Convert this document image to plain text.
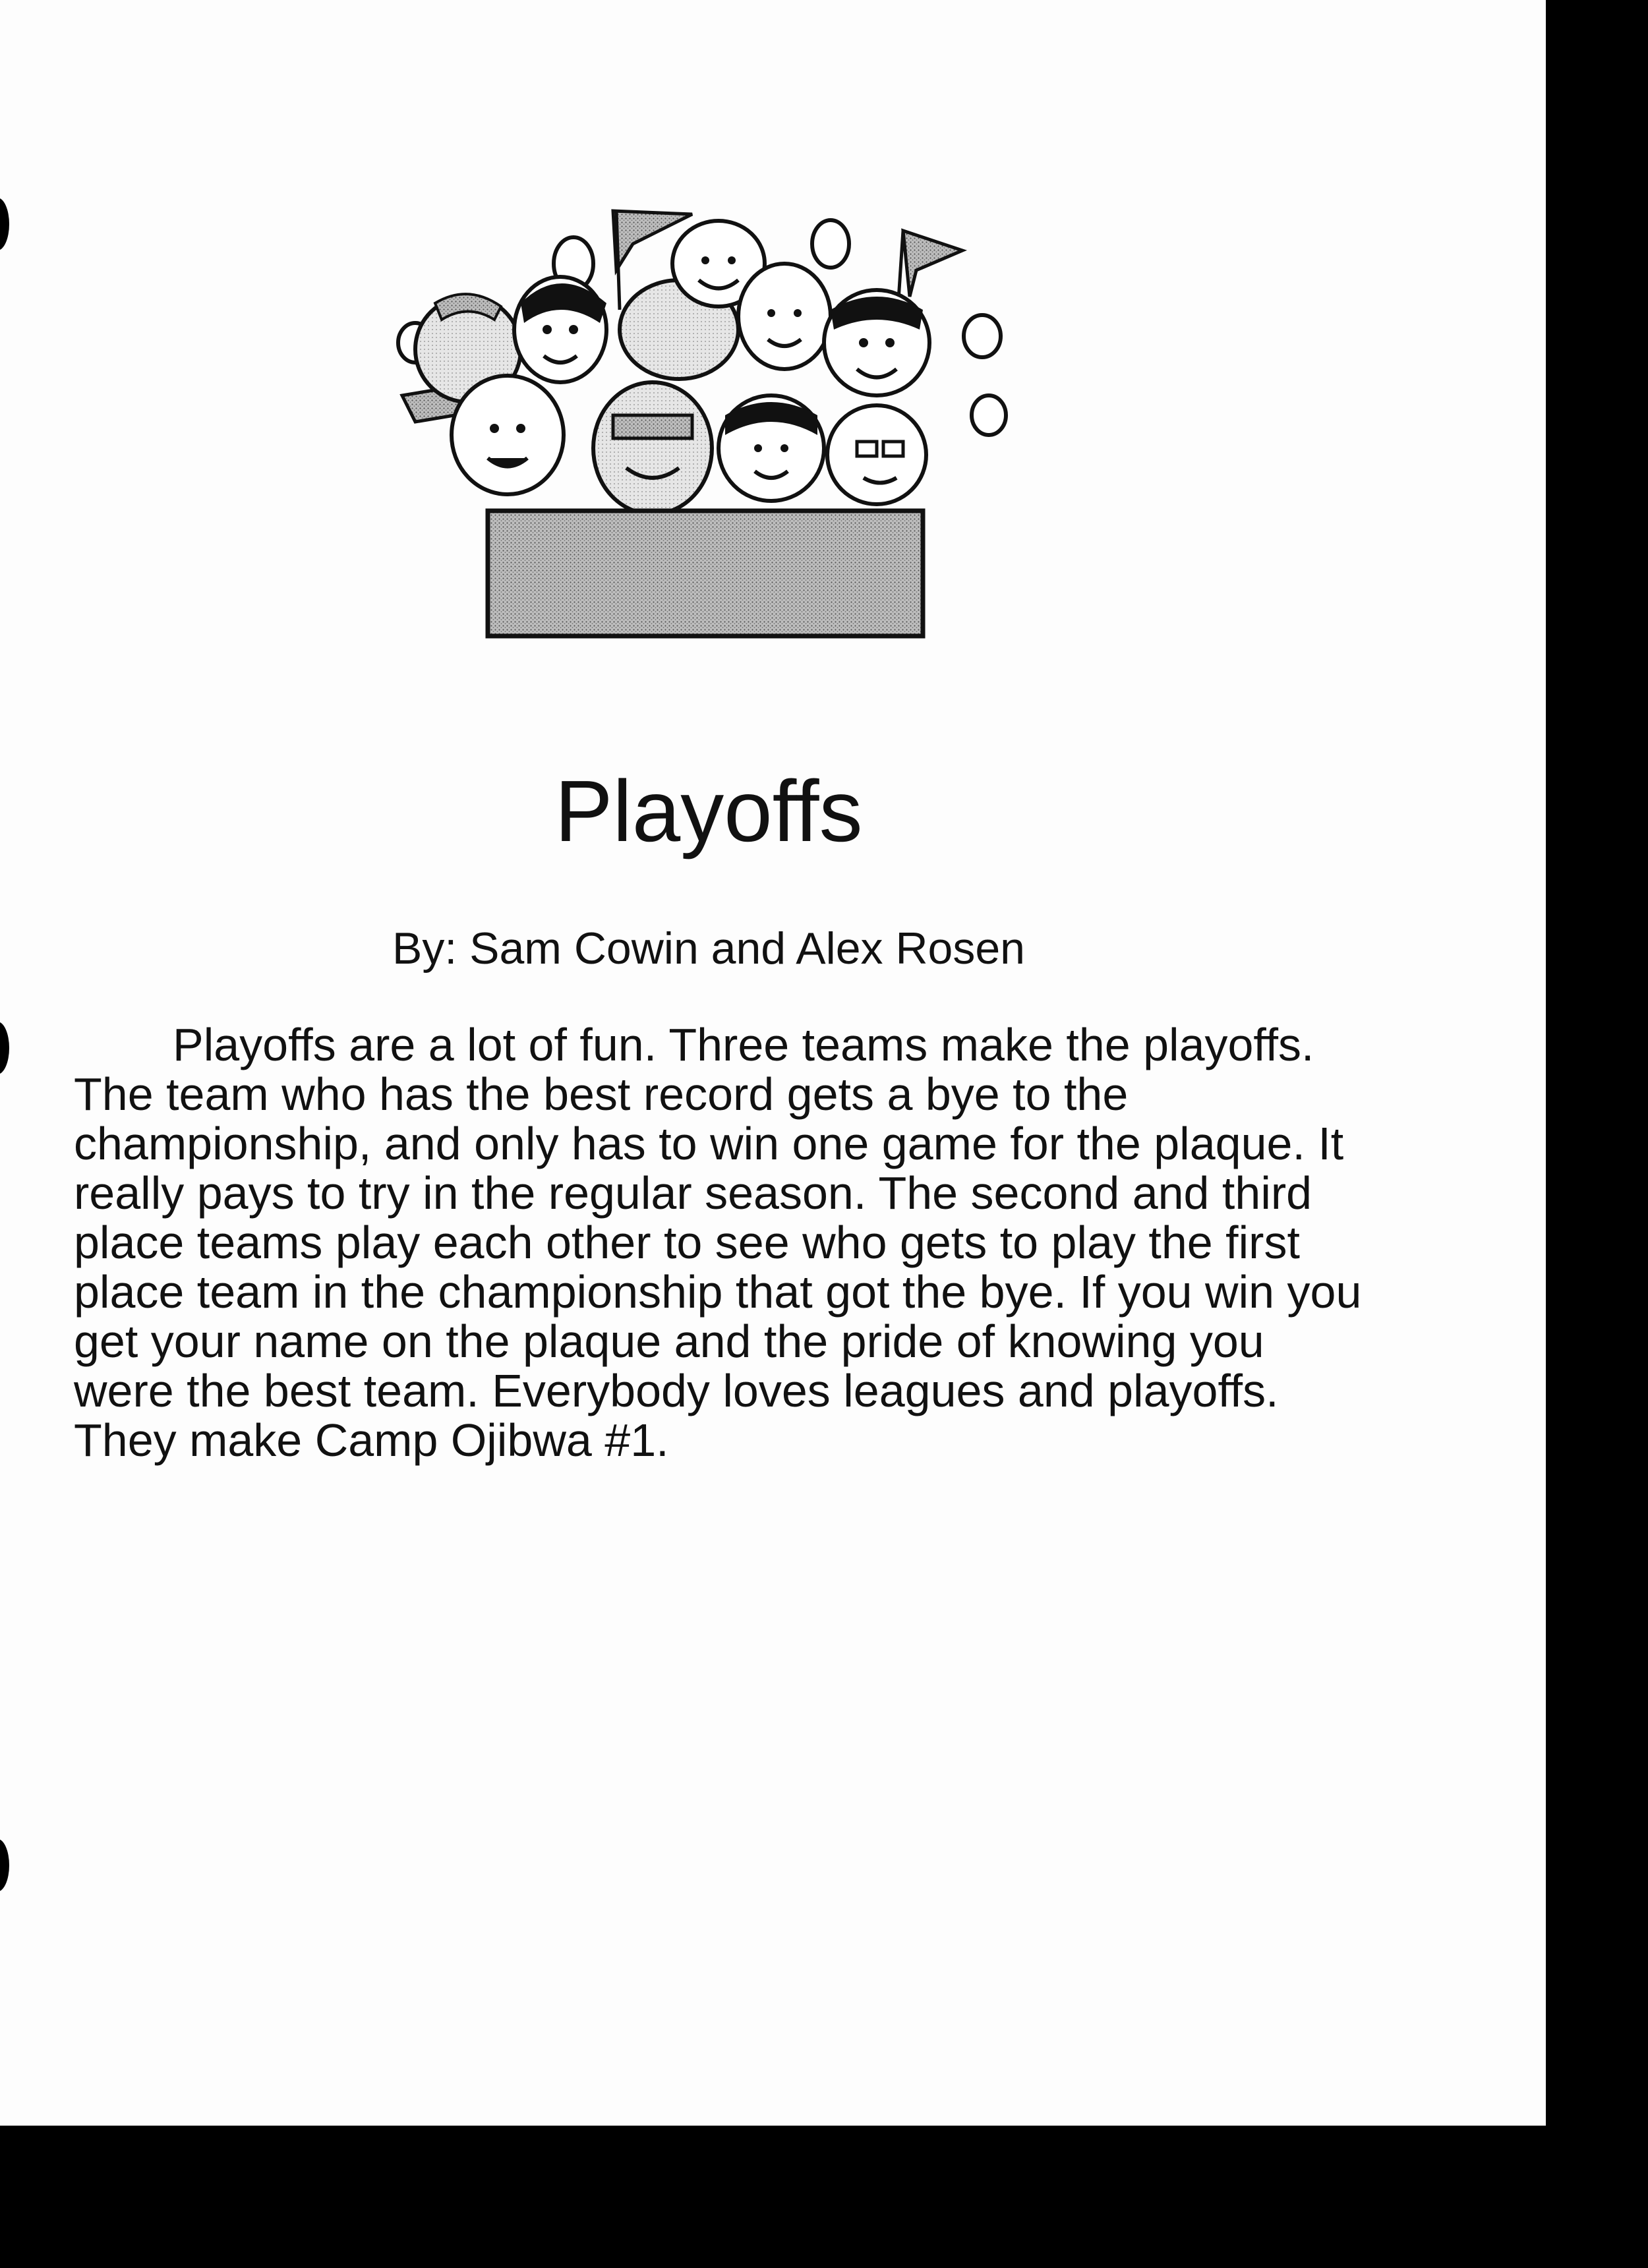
Playoffs

By: Sam Cowin and Alex Rosen

Playoffs are a lot of fun. Three teams make the playoffs. The team who has the best record gets a bye to the championship, and only has to win one game for the plaque. It really pays to try in the regular season. The second and third place teams play each other to see who gets to play the first place team in the championship that got the bye. If you win you get your name on the plaque and the pride of knowing you were the best team. Everybody loves leagues and playoffs. They make Camp Ojibwa #1.
